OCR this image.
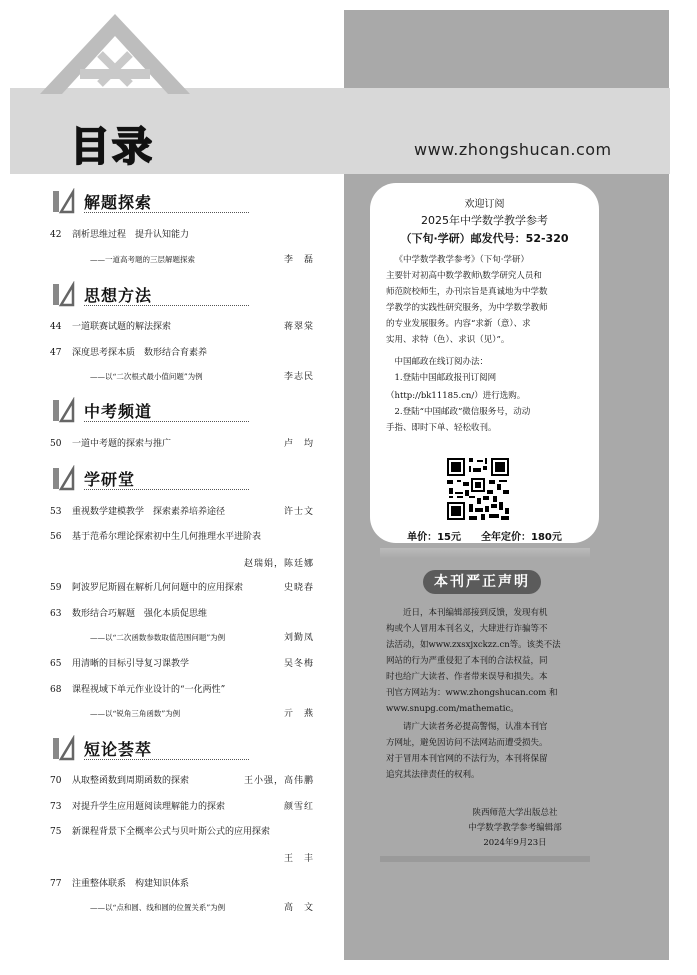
目录	www.zhongshucan.com
解题探索
42 剖析思维过程　提升认知能力
——一道高考题的三层解题探索	李　磊
思想方法
44 一道联赛试题的解法探索	蒋翠棠
47 深度思考探本质　数形结合育素养
——以“二次根式最小值问题”为例	李志民
中考频道
50 一道中考题的探索与推广	卢　均
学研堂
53 重视数学建模教学　探索素养培养途径	许士文
56 基于范希尔理论探索初中生几何推理水平进阶表
赵瑞娟，陈廷娜
59 阿波罗尼斯圆在解析几何问题中的应用探索	史晓春
63 数形结合巧解题　强化本质促思维
——以“二次函数参数取值范围问题”为例	刘勤凤
65 用清晰的目标引导复习课教学	吴冬梅
68 课程视域下单元作业设计的“一化两性”
——以“锐角三角函数”为例	亓　燕
短论荟萃
70 从取整函数到周期函数的探索	王小强，高伟鹏
73 对提升学生应用题阅读理解能力的探索	颜雪红
75 新课程背景下全概率公式与贝叶斯公式的应用探索
王　丰
77 注重整体联系　构建知识体系
——以“点和圆、线和圆的位置关系”为例	高　文
欢迎订阅
2025年中学数学教学参考
（下旬·学研）邮发代号：52-320
《中学数学教学参考》（下旬·学研）
主要针对初高中数学教师\数学研究人员和
师范院校师生，办刊宗旨是真诚地为中学数
学教学的实践性研究服务，为中学数学教师
的专业发展服务。内容“求新（意）、求
实用、求特（色）、求识（见）”。
中国邮政在线订阅办法：
1.登陆中国邮政报刊订阅网
（http://bk11185.cn/）进行选购。
2.登陆“中国邮政”微信服务号，动动
手指、即时下单、轻松收刊。
单价：15元　　全年定价：180元
本刊严正声明
近日，本刊编辑部接到反馈，发现有机
构或个人冒用本刊名义，大肆进行诈骗等不
法活动，如www.zxsxjxckzz.cn等。该类不法
网站的行为严重侵犯了本刊的合法权益，同
时也给广大读者、作者带来误导和损失。本
刊官方网站为：www.zhongshucan.com 和
www.snupg.com/mathematic。
请广大读者务必提高警惕，认准本刊官
方网址，避免因访问不法网站而遭受损失。
对于冒用本刊官网的不法行为，本刊将保留
追究其法律责任的权利。
陕西师范大学出版总社
中学数学教学参考编辑部
2024年9月23日
